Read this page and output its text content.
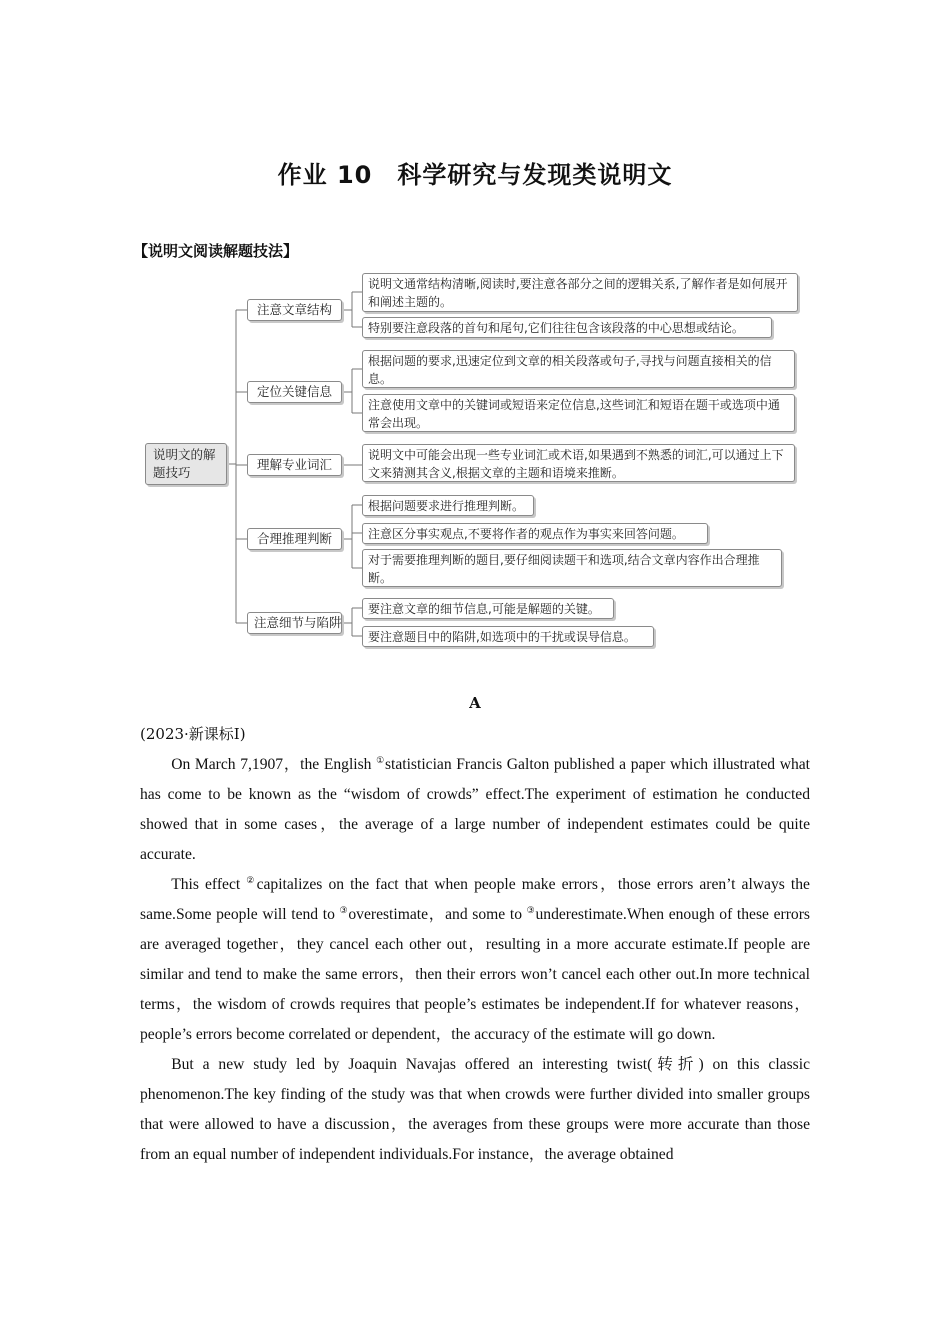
作业 10　科学研究与发现类说明文
【说明文阅读解题技法】
说明文的解题技巧
注意文章结构
定位关键信息
理解专业词汇
合理推理判断
注意细节与陷阱
说明文通常结构清晰,阅读时,要注意各部分之间的逻辑关系,了解作者是如何展开和阐述主题的。
特别要注意段落的首句和尾句,它们往往包含该段落的中心思想或结论。
根据问题的要求,迅速定位到文章的相关段落或句子,寻找与问题直接相关的信息。
注意使用文章中的关键词或短语来定位信息,这些词汇和短语在题干或选项中通常会出现。
说明文中可能会出现一些专业词汇或术语,如果遇到不熟悉的词汇,可以通过上下文来猜测其含义,根据文章的主题和语境来推断。
根据问题要求进行推理判断。
注意区分事实观点,不要将作者的观点作为事实来回答问题。
对于需要推理判断的题目,要仔细阅读题干和选项,结合文章内容作出合理推断。
要注意文章的细节信息,可能是解题的关键。
要注意题目中的陷阱,如选项中的干扰或误导信息。
A
(2023·新课标Ⅰ)

On March 7,1907，the English ①statistician Francis Galton published a paper which illustrated what has come to be known as the “wisdom of crowds” effect.The experiment of estimation he conducted showed that in some cases，the average of a large number of independent estimates could be quite accurate.

This effect ②capitalizes on the fact that when people make errors，those errors aren’t always the same.Some people will tend to ③overestimate，and some to ③underestimate.When enough of these errors are averaged together，they cancel each other out，resulting in a more accurate estimate.If people are similar and tend to make the same errors，then their errors won’t cancel each other out.In more technical terms，the wisdom of crowds requires that people’s estimates be independent.If for whatever reasons，people’s errors become correlated or dependent，the accuracy of the estimate will go down.

But a new study led by Joaquin Navajas offered an interesting twist(转折) on this classic phenomenon.The key finding of the study was that when crowds were further divided into smaller groups that were allowed to have a discussion，the averages from these groups were more accurate than those from an equal number of independent individuals.For instance，the average obtained
